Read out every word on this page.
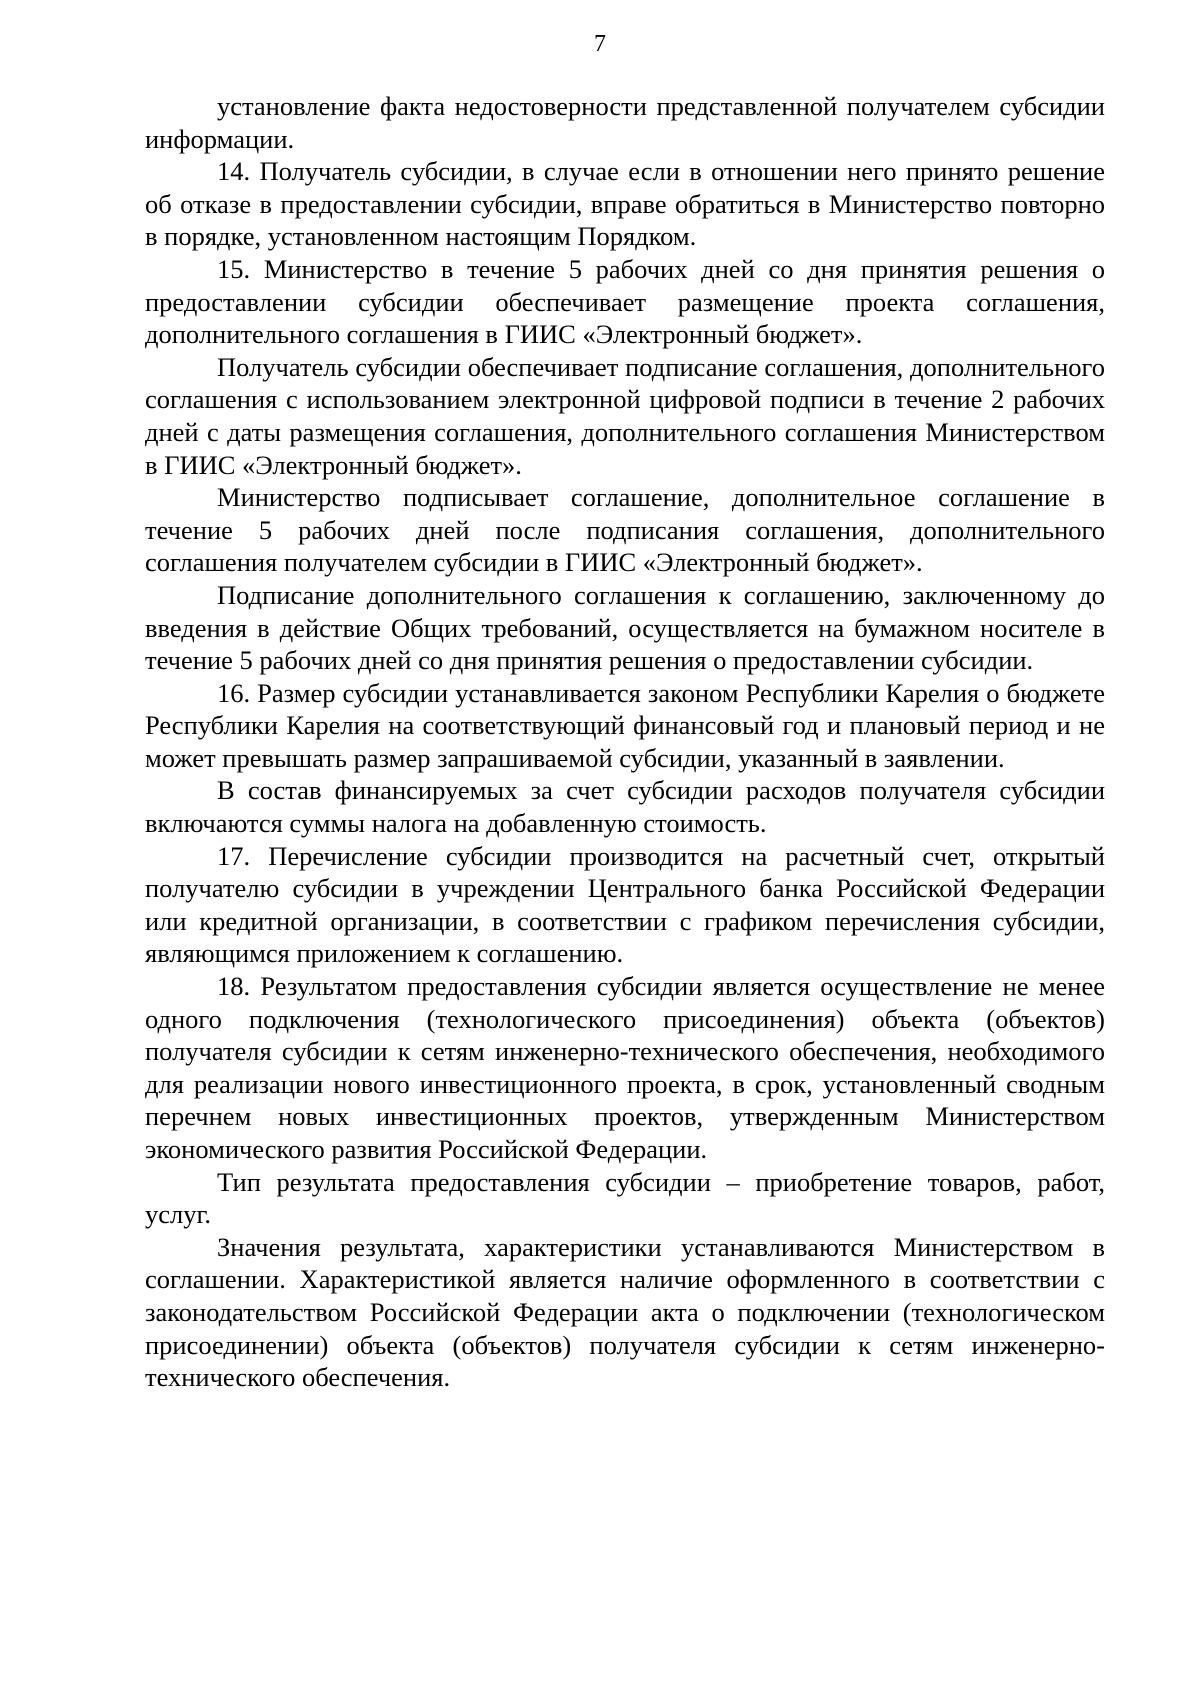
7

установление факта недостоверности представленной получателем субсидии информации.

14. Получатель субсидии, в случае если в отношении него принято решение об отказе в предоставлении субсидии, вправе обратиться в Министерство повторно в порядке, установленном настоящим Порядком.

15. Министерство в течение 5 рабочих дней со дня принятия решения о предоставлении субсидии обеспечивает размещение проекта соглашения, дополнительного соглашения в ГИИС «Электронный бюджет».

Получатель субсидии обеспечивает подписание соглашения, дополнительного соглашения с использованием электронной цифровой подписи в течение 2 рабочих дней с даты размещения соглашения, дополнительного соглашения Министерством в ГИИС «Электронный бюджет».

Министерство подписывает соглашение, дополнительное соглашение в течение 5 рабочих дней после подписания соглашения, дополнительного соглашения получателем субсидии в ГИИС «Электронный бюджет».

Подписание дополнительного соглашения к соглашению, заключенному до введения в действие Общих требований, осуществляется на бумажном носителе в течение 5 рабочих дней со дня принятия решения о предоставлении субсидии.

16. Размер субсидии устанавливается законом Республики Карелия о бюджете Республики Карелия на соответствующий финансовый год и плановый период и не может превышать размер запрашиваемой субсидии, указанный в заявлении.

В состав финансируемых за счет субсидии расходов получателя субсидии включаются суммы налога на добавленную стоимость.

17. Перечисление субсидии производится на расчетный счет, открытый получателю субсидии в учреждении Центрального банка Российской Федерации или кредитной организации, в соответствии с графиком перечисления субсидии, являющимся приложением к соглашению.

18. Результатом предоставления субсидии является осуществление не менее одного подключения (технологического присоединения) объекта (объектов) получателя субсидии к сетям инженерно-технического обеспечения, необходимого для реализации нового инвестиционного проекта, в срок, установленный сводным перечнем новых инвестиционных проектов, утвержденным Министерством экономического развития Российской Федерации.

Тип результата предоставления субсидии – приобретение товаров, работ, услуг.

Значения результата, характеристики устанавливаются Министерством в соглашении. Характеристикой является наличие оформленного в соответствии с законодательством Российской Федерации акта о подключении (технологическом присоединении) объекта (объектов) получателя субсидии к сетям инженерно-технического обеспечения.
